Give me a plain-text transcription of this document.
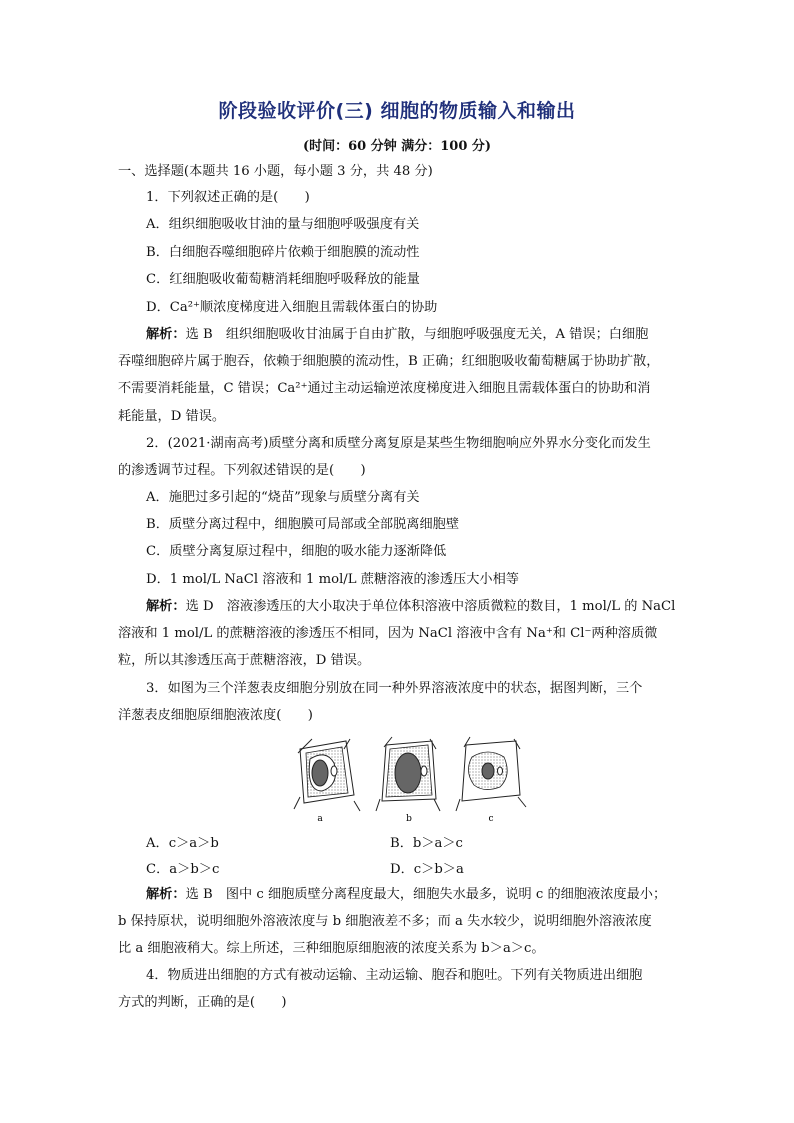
阶段验收评价(三) 细胞的物质输入和输出
(时间：60 分钟 满分：100 分)
一、选择题(本题共 16 小题，每小题 3 分，共 48 分)
1．下列叙述正确的是(　　)
A．组织细胞吸收甘油的量与细胞呼吸强度有关
B．白细胞吞噬细胞碎片依赖于细胞膜的流动性
C．红细胞吸收葡萄糖消耗细胞呼吸释放的能量
D．Ca²⁺顺浓度梯度进入细胞且需载体蛋白的协助
解析：选 B　组织细胞吸收甘油属于自由扩散，与细胞呼吸强度无关，A 错误；白细胞
吞噬细胞碎片属于胞吞，依赖于细胞膜的流动性，B 正确；红细胞吸收葡萄糖属于协助扩散，
不需要消耗能量，C 错误；Ca²⁺通过主动运输逆浓度梯度进入细胞且需载体蛋白的协助和消
耗能量，D 错误。
2．(2021·湖南高考)质壁分离和质壁分离复原是某些生物细胞响应外界水分变化而发生
的渗透调节过程。下列叙述错误的是(　　)
A．施肥过多引起的“烧苗”现象与质壁分离有关
B．质壁分离过程中，细胞膜可局部或全部脱离细胞壁
C．质壁分离复原过程中，细胞的吸水能力逐渐降低
D．1 mol/L NaCl 溶液和 1 mol/L 蔗糖溶液的渗透压大小相等
解析：选 D　溶液渗透压的大小取决于单位体积溶液中溶质微粒的数目，1 mol/L 的 NaCl
溶液和 1 mol/L 的蔗糖溶液的渗透压不相同，因为 NaCl 溶液中含有 Na⁺和 Cl⁻两种溶质微
粒，所以其渗透压高于蔗糖溶液，D 错误。
3．如图为三个洋葱表皮细胞分别放在同一种外界溶液浓度中的状态，据图判断，三个
洋葱表皮细胞原细胞液浓度(　　)
a	b	c
A．c＞a＞b	B．b＞a＞c
C．a＞b＞c	D．c＞b＞a
解析：选 B　图中 c 细胞质壁分离程度最大，细胞失水最多，说明 c 的细胞液浓度最小；
b 保持原状，说明细胞外溶液浓度与 b 细胞液差不多；而 a 失水较少，说明细胞外溶液浓度
比 a 细胞液稍大。综上所述，三种细胞原细胞液的浓度关系为 b＞a＞c。
4．物质进出细胞的方式有被动运输、主动运输、胞吞和胞吐。下列有关物质进出细胞
方式的判断，正确的是(　　)
